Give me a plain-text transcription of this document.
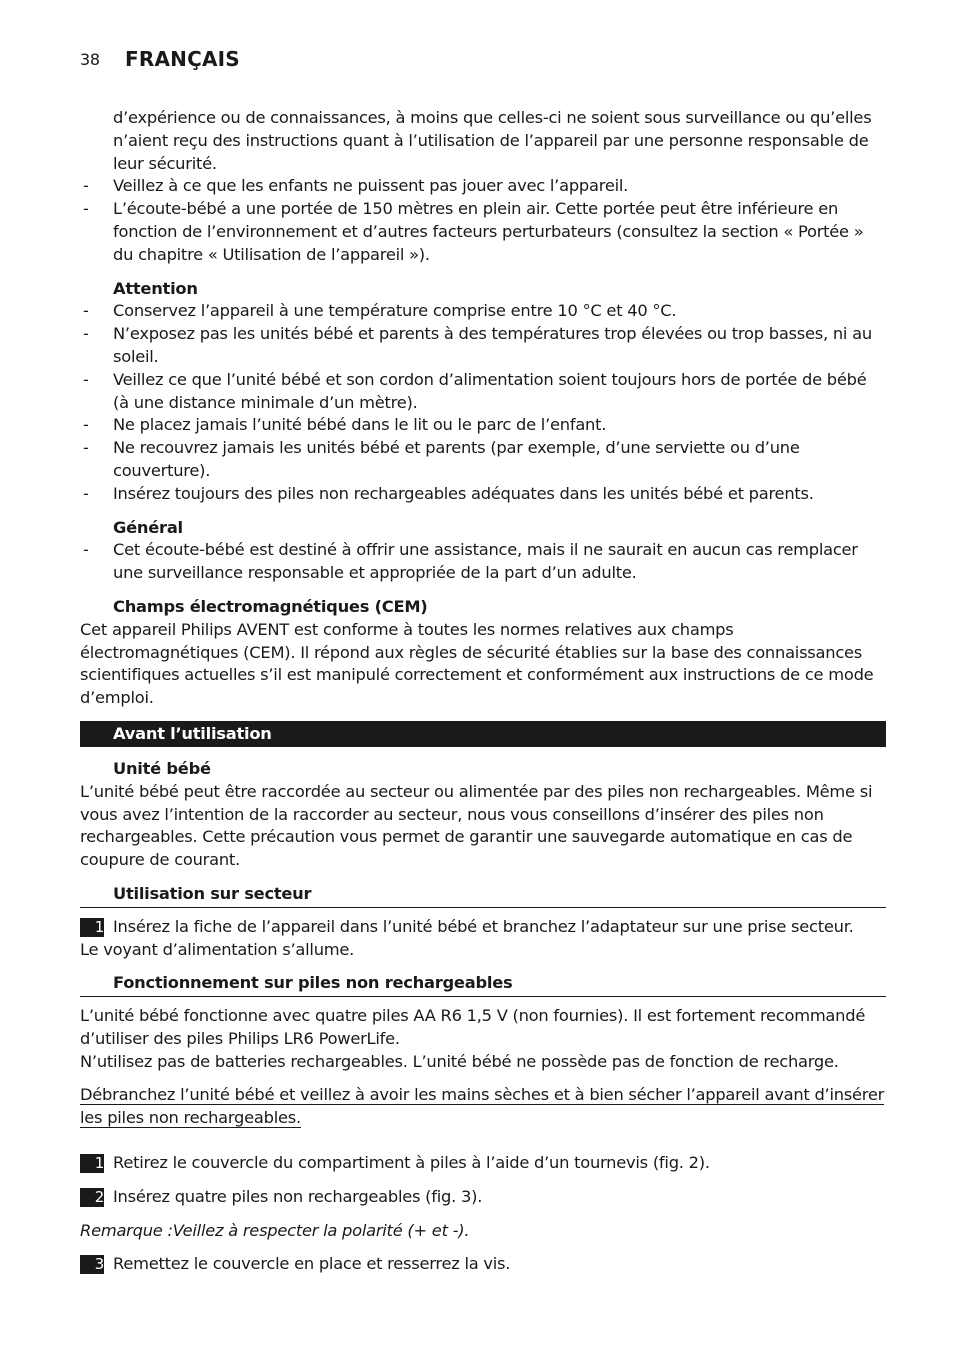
38 FRANÇAIS

d’expérience ou de connaissances, à moins que celles-ci ne soient sous surveillance ou qu’elles n’aient reçu des instructions quant à l’utilisation de l’appareil par une personne responsable de leur sécurité.

- Veillez à ce que les enfants ne puissent pas jouer avec l’appareil.
- L’écoute-bébé a une portée de 150 mètres en plein air. Cette portée peut être inférieure en fonction de l’environnement et d’autres facteurs perturbateurs (consultez la section « Portée » du chapitre « Utilisation de l’appareil »).
Attention
- Conservez l’appareil à une température comprise entre 10 °C et 40 °C.
- N’exposez pas les unités bébé et parents à des températures trop élevées ou trop basses, ni au soleil.
- Veillez ce que l’unité bébé et son cordon d’alimentation soient toujours hors de portée de bébé (à une distance minimale d’un mètre).
- Ne placez jamais l’unité bébé dans le lit ou le parc de l’enfant.
- Ne recouvrez jamais les unités bébé et parents (par exemple, d’une serviette ou d’une couverture).
- Insérez toujours des piles non rechargeables adéquates dans les unités bébé et parents.
Général
- Cet écoute-bébé est destiné à offrir une assistance, mais il ne saurait en aucun cas remplacer une surveillance responsable et appropriée de la part d’un adulte.
Champs électromagnétiques (CEM)

Cet appareil Philips AVENT est conforme à toutes les normes relatives aux champs électromagnétiques (CEM). Il répond aux règles de sécurité établies sur la base des connaissances scientifiques actuelles s’il est manipulé correctement et conformément aux instructions de ce mode d’emploi.

Avant l’utilisation
Unité bébé

L’unité bébé peut être raccordée au secteur ou alimentée par des piles non rechargeables. Même si vous avez l’intention de la raccorder au secteur, nous vous conseillons d’insérer des piles non rechargeables. Cette précaution vous permet de garantir une sauvegarde automatique en cas de coupure de courant.

Utilisation sur secteur
1 Insérez la fiche de l’appareil dans l’unité bébé et branchez l’adaptateur sur une prise secteur.

Le voyant d’alimentation s’allume.

Fonctionnement sur piles non rechargeables

L’unité bébé fonctionne avec quatre piles AA R6 1,5 V (non fournies). Il est fortement recommandé d’utiliser des piles Philips LR6 PowerLife.

N’utilisez pas de batteries rechargeables. L’unité bébé ne possède pas de fonction de recharge.

Débranchez l’unité bébé et veillez à avoir les mains sèches et à bien sécher l’appareil avant d’insérer les piles non rechargeables.

1 Retirez le couvercle du compartiment à piles à l’aide d’un tournevis (fig. 2).
2 Insérez quatre piles non rechargeables (fig. 3).

Remarque :Veillez à respecter la polarité (+ et -).

3 Remettez le couvercle en place et resserrez la vis.
